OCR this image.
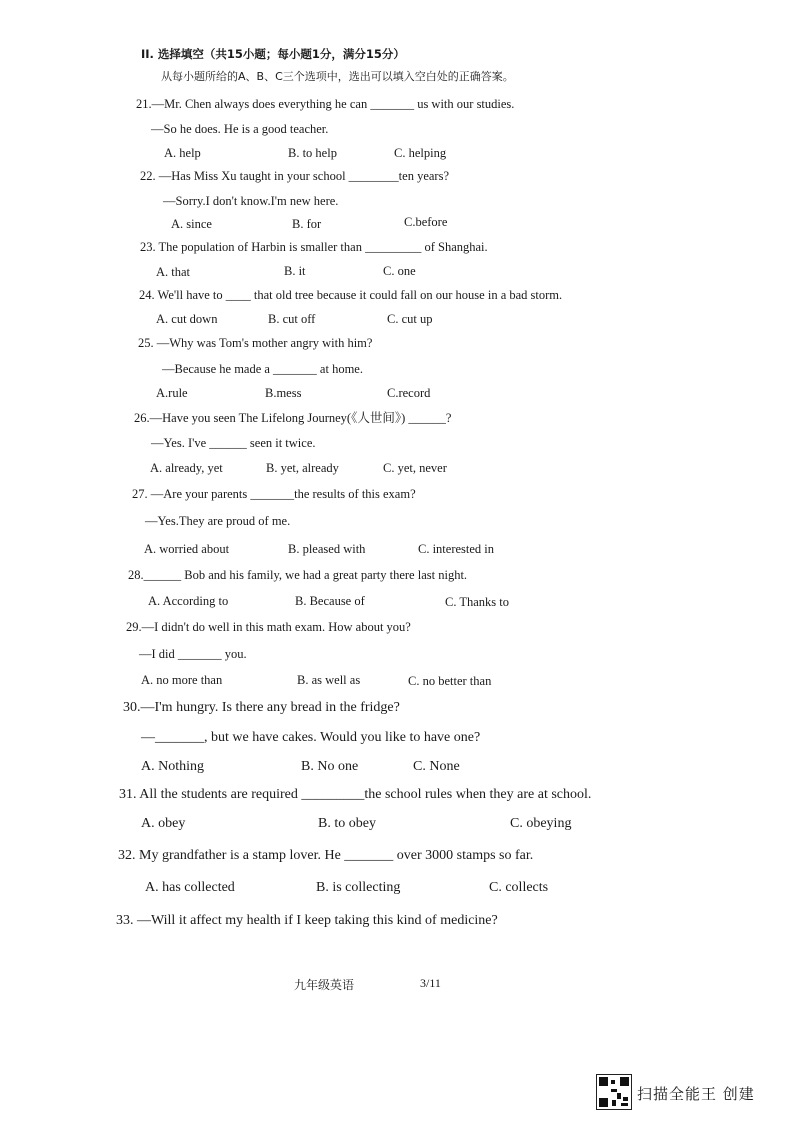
II. 选择填空（共15小题；每小题1分，满分15分）
从每小题所给的A、B、C三个选项中，选出可以填入空白处的正确答案。
21.—Mr. Chen always does everything he can _______ us with our studies.
—So he does. He is a good teacher.
A. help	B. to help	C. helping
22. —Has Miss Xu taught in your school ________ten years?
—Sorry.I don't know.I'm new here.
A. since	B. for	C.before
23. The population of Harbin is smaller than _________ of Shanghai.
A. that	B. it	C. one
24. We'll have to ____ that old tree because it could fall on our house in a bad storm.
A. cut down	B. cut off	C. cut up
25. —Why was Tom's mother angry with him?
—Because he made a _______ at home.
A.rule	B.mess	C.record
26.—Have you seen The Lifelong Journey(《人世间》) ______?
—Yes. I've ______ seen it twice.
A. already, yet	B. yet, already	C. yet, never
27. —Are your parents _______the results of this exam?
—Yes.They are proud of me.
A. worried about	B. pleased with	C. interested in
28.______ Bob and his family, we had a great party there last night.
A. According to	B. Because of	C. Thanks to
29.—I didn't do well in this math exam. How about you?
—I did _______ you.
A. no more than	B. as well as	C. no better than
30.—I'm hungry. Is there any bread in the fridge?
—_______, but we have cakes. Would you like to have one?
A. Nothing	B. No one	C. None
31. All the students are required _________the school rules when they are at school.
A. obey	B. to obey	C. obeying
32. My grandfather is a stamp lover. He _______ over 3000 stamps so far.
A. has collected	B. is collecting	C. collects
33. —Will it affect my health if I keep taking this kind of medicine?
九年级英语	3/11
扫描全能王 创建
